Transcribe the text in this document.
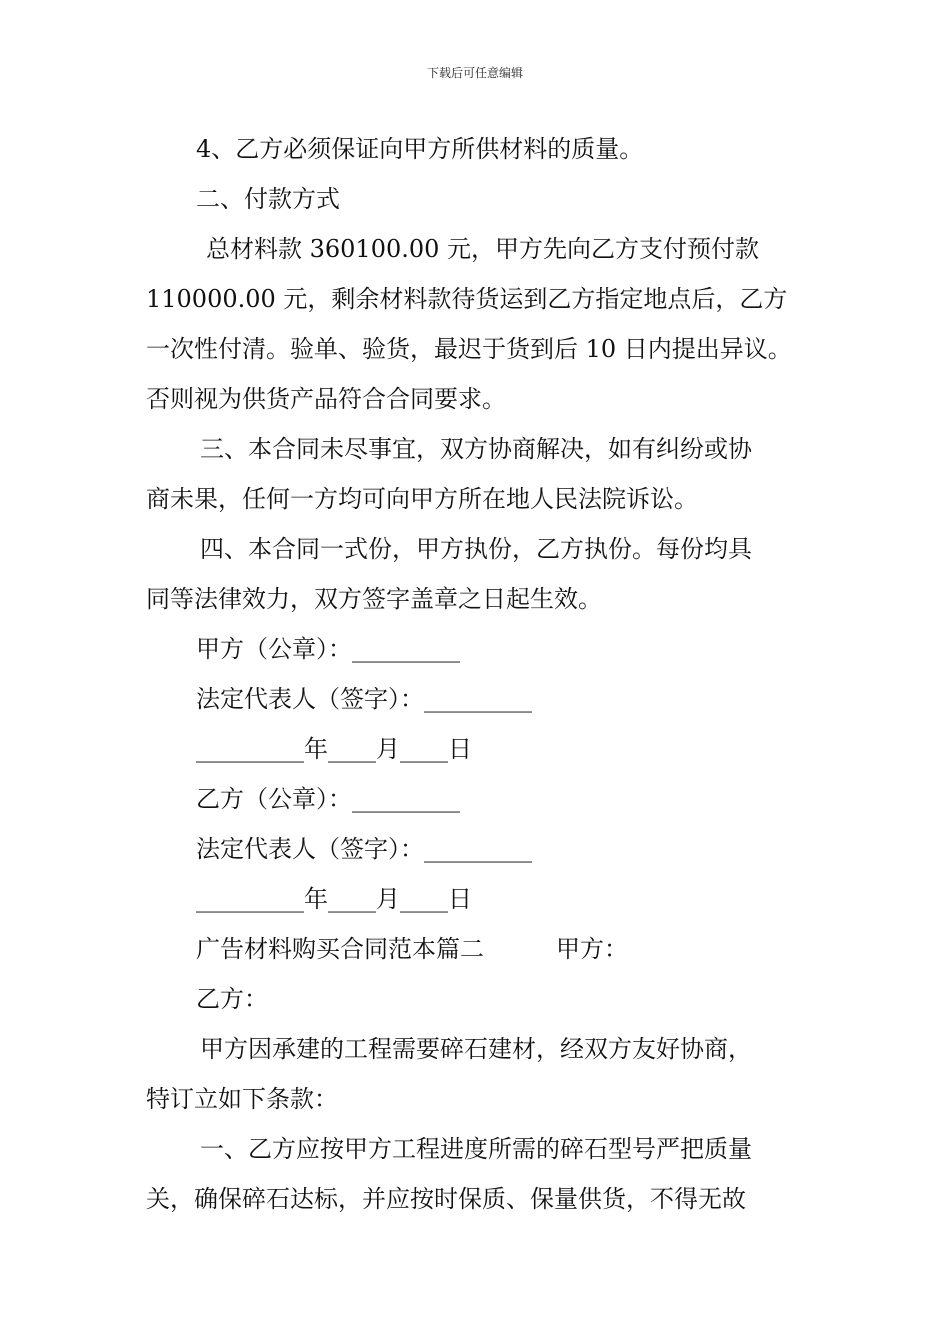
下载后可任意编辑
4、乙方必须保证向甲方所供材料的质量。
二、付款方式
总材料款 360100.00 元，甲方先向乙方支付预付款
110000.00 元，剩余材料款待货运到乙方指定地点后，乙方
一次性付清。验单、验货，最迟于货到后 10 日内提出异议。
否则视为供货产品符合合同要求。
三、本合同未尽事宜，双方协商解决，如有纠纷或协
商未果，任何一方均可向甲方所在地人民法院诉讼。
四、本合同一式份，甲方执份，乙方执份。每份均具
同等法律效力，双方签字盖章之日起生效。
甲方（公章）：_________
法定代表人（签字）：_________
_________年____月____日
乙方（公章）：_________
法定代表人（签字）：_________
_________年____月____日
广告材料购买合同范本篇二　　　甲方：
乙方：
甲方因承建的工程需要碎石建材，经双方友好协商，
特订立如下条款：
一、乙方应按甲方工程进度所需的碎石型号严把质量
关，确保碎石达标，并应按时保质、保量供货，不得无故
